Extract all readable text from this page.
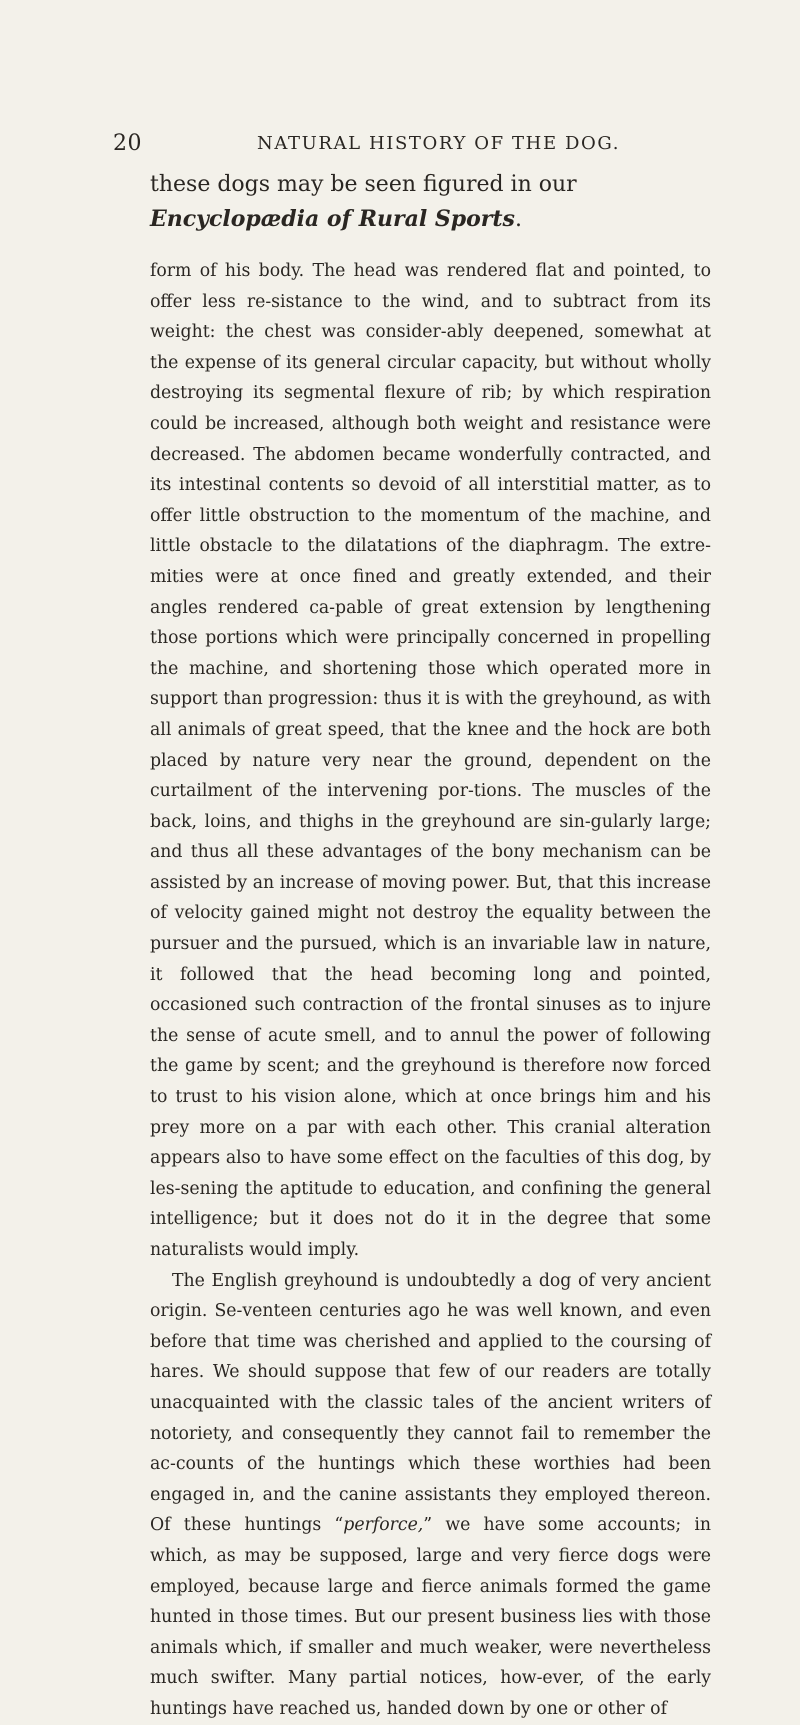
20	NATURAL HISTORY OF THE DOG.
these dogs may be seen figured in our Encyclopædia of Rural Sports.

form of his body. The head was rendered flat and pointed, to offer less re-sistance to the wind, and to subtract from its weight: the chest was consider-ably deepened, somewhat at the expense of its general circular capacity, but without wholly destroying its segmental flexure of rib; by which respiration could be increased, although both weight and resistance were decreased. The abdomen became wonderfully contracted, and its intestinal contents so devoid of all interstitial matter, as to offer little obstruction to the momentum of the machine, and little obstacle to the dilatations of the diaphragm. The extre-mities were at once fined and greatly extended, and their angles rendered ca-pable of great extension by lengthening those portions which were principally concerned in propelling the machine, and shortening those which operated more in support than progression: thus it is with the greyhound, as with all animals of great speed, that the knee and the hock are both placed by nature very near the ground, dependent on the curtailment of the intervening por-tions. The muscles of the back, loins, and thighs in the greyhound are sin-gularly large; and thus all these advantages of the bony mechanism can be assisted by an increase of moving power. But, that this increase of velocity gained might not destroy the equality between the pursuer and the pursued, which is an invariable law in nature, it followed that the head becoming long and pointed, occasioned such contraction of the frontal sinuses as to injure the sense of acute smell, and to annul the power of following the game by scent; and the greyhound is therefore now forced to trust to his vision alone, which at once brings him and his prey more on a par with each other. This cranial alteration appears also to have some effect on the faculties of this dog, by les-sening the aptitude to education, and confining the general intelligence; but it does not do it in the degree that some naturalists would imply.

The English greyhound is undoubtedly a dog of very ancient origin. Se-venteen centuries ago he was well known, and even before that time was cherished and applied to the coursing of hares. We should suppose that few of our readers are totally unacquainted with the classic tales of the ancient writers of notoriety, and consequently they cannot fail to remember the ac-counts of the huntings which these worthies had been engaged in, and the canine assistants they employed thereon. Of these huntings “perforce,” we have some accounts; in which, as may be supposed, large and very fierce dogs were employed, because large and fierce animals formed the game hunted in those times. But our present business lies with those animals which, if smaller and much weaker, were nevertheless much swifter. Many partial notices, how-ever, of the early huntings have reached us, handed down by one or other of
